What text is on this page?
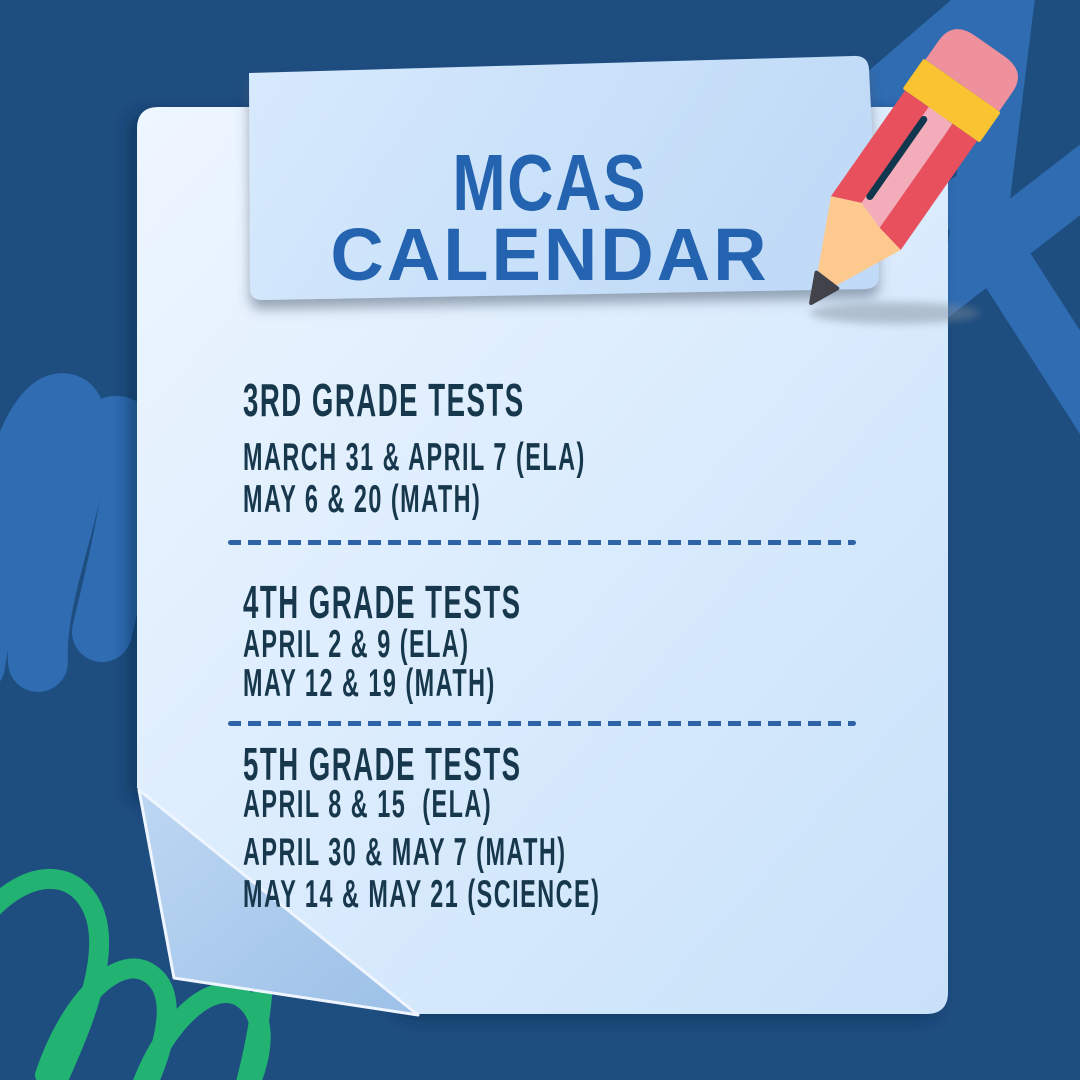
MCAS
CALENDAR
3RD GRADE TESTS
MARCH 31 & APRIL 7 (ELA)
MAY 6 & 20 (MATH)
4TH GRADE TESTS
APRIL 2 & 9 (ELA)
MAY 12 & 19 (MATH)
5TH GRADE TESTS
APRIL 8 & 15  (ELA)
APRIL 30 & MAY 7 (MATH)
MAY 14 & MAY 21 (SCIENCE)
